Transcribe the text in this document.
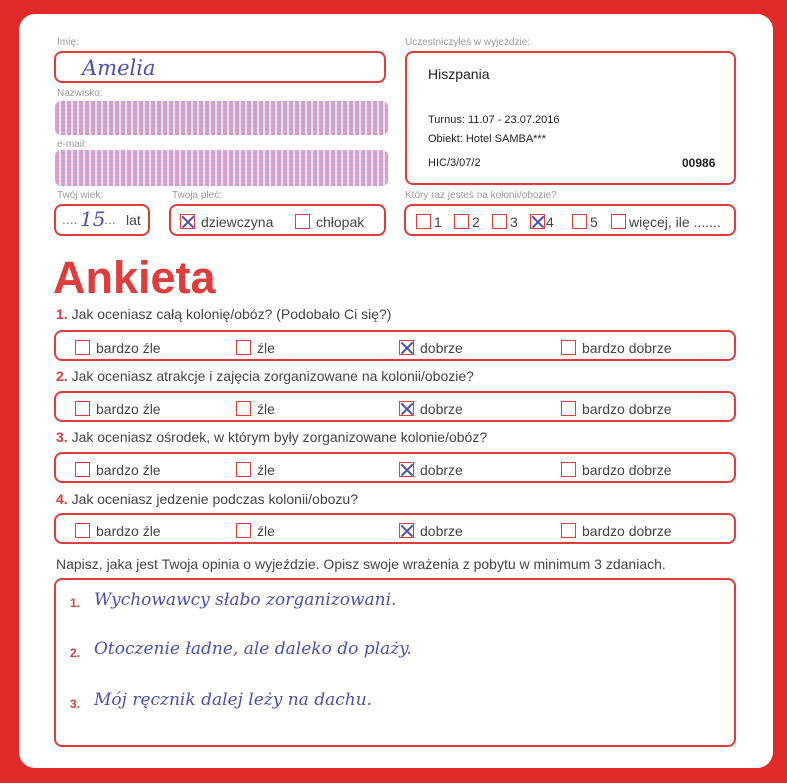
Imię:
Amelia
Nazwisko:
e-mail:
Twój wiek:
.... 15
... lat
Twoja płeć:
dziewczyna	chłopak
Uczestniczyłeś w wyjeździe:
Hiszpania
Turnus: 11.07 - 23.07.2016
Obiekt: Hotel SAMBA***
HIC/3/07/2	00986
Który raz jesteś na kolonii/obozie?
1	2	3	4	5	więcej, ile .......
Ankieta
1. Jak oceniasz całą kolonię/obóz? (Podobało Ci się?)
bardzo źle	źle	dobrze	bardzo dobrze
2. Jak oceniasz atrakcje i zajęcia zorganizowane na kolonii/obozie?
bardzo źle	źle	dobrze	bardzo dobrze
3. Jak oceniasz ośrodek, w którym były zorganizowane kolonie/obóz?
bardzo źle	źle	dobrze	bardzo dobrze
4. Jak oceniasz jedzenie podczas kolonii/obozu?
bardzo źle	źle	dobrze	bardzo dobrze
Napisz, jaka jest Twoja opinia o wyjeździe. Opisz swoje wrażenia z pobytu w minimum 3 zdaniach.
1. Wychowawcy słabo zorganizowani.
2. Otoczenie ładne, ale daleko do plaży.
3. Mój ręcznik dalej leży na dachu.
